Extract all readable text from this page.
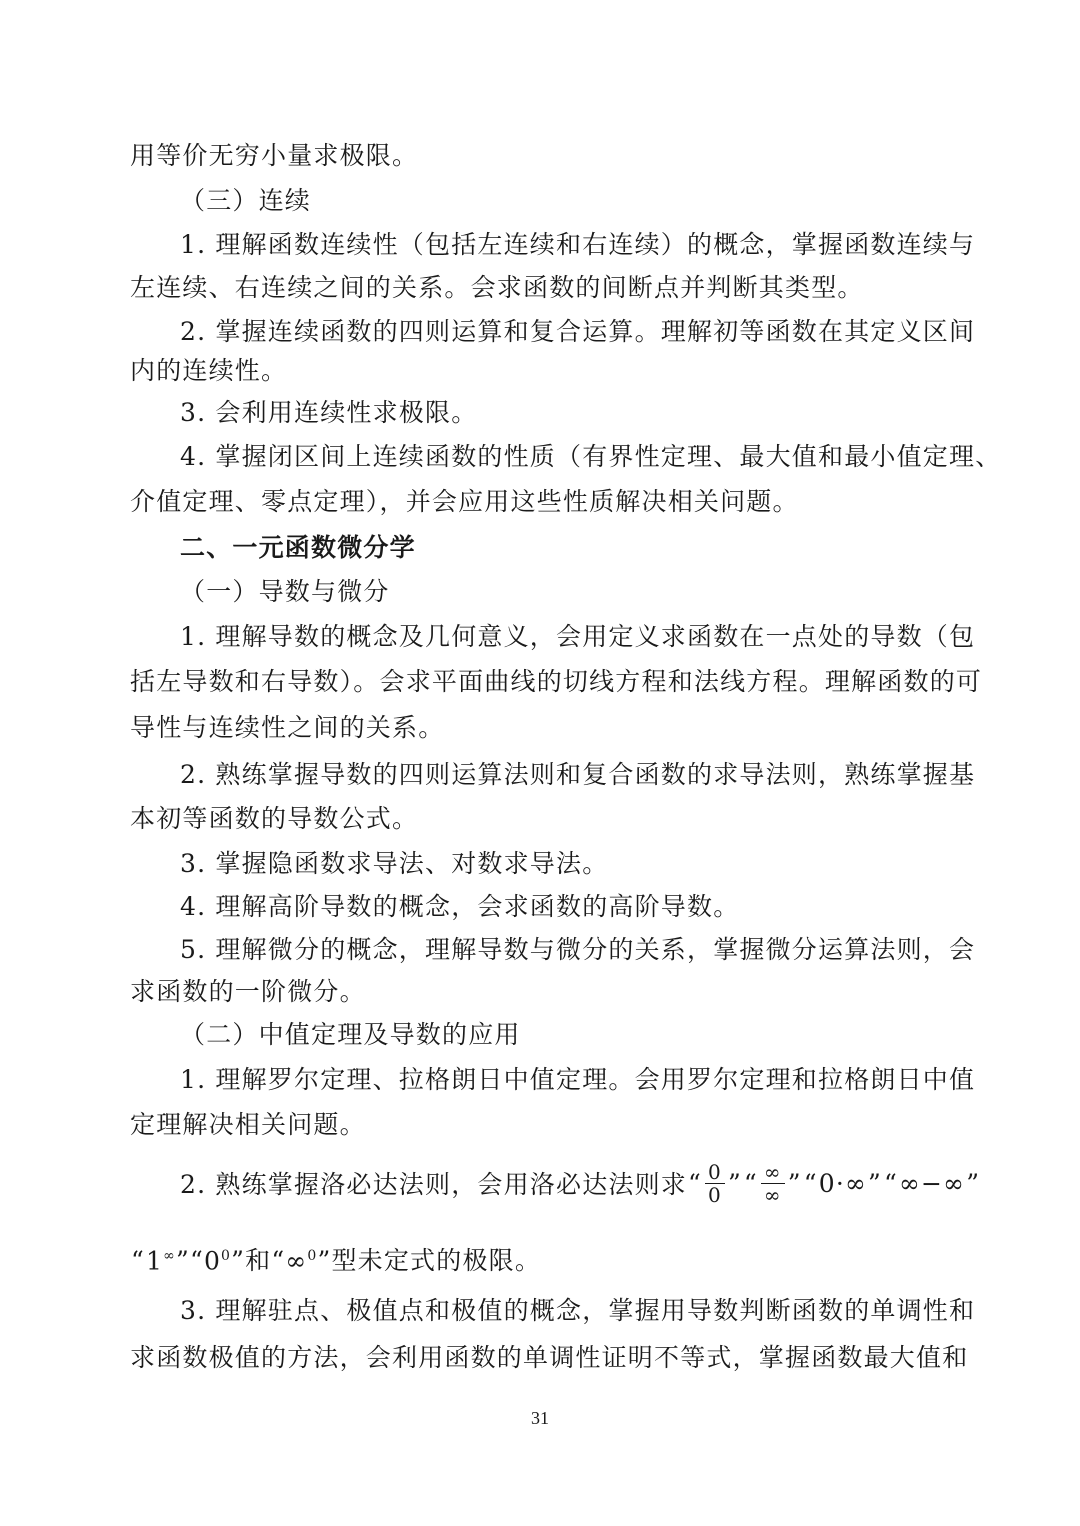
用等价无穷小量求极限。
（三）连续
1. 理解函数连续性（包括左连续和右连续）的概念，掌握函数连续与
左连续、右连续之间的关系。会求函数的间断点并判断其类型。
2. 掌握连续函数的四则运算和复合运算。理解初等函数在其定义区间
内的连续性。
3. 会利用连续性求极限。
4. 掌握闭区间上连续函数的性质（有界性定理、最大值和最小值定理、
介值定理、零点定理），并会应用这些性质解决相关问题。
二、一元函数微分学
（一）导数与微分
1. 理解导数的概念及几何意义，会用定义求函数在一点处的导数（包
括左导数和右导数）。会求平面曲线的切线方程和法线方程。理解函数的可
导性与连续性之间的关系。
2. 熟练掌握导数的四则运算法则和复合函数的求导法则，熟练掌握基
本初等函数的导数公式。
3. 掌握隐函数求导法、对数求导法。
4. 理解高阶导数的概念，会求函数的高阶导数。
5. 理解微分的概念，理解导数与微分的关系，掌握微分运算法则，会
求函数的一阶微分。
（二）中值定理及导数的应用
1. 理解罗尔定理、拉格朗日中值定理。会用罗尔定理和拉格朗日中值
定理解决相关问题。
2. 熟练掌握洛必达法则，会用洛必达法则求 “ $\frac{0}{0}$ ” “ $\frac{\infty}{\infty}$ ” “ 0·∞ ” “ ∞−∞ ”
“ 1∞ ”“ $0^0$ ”和“ ∞$^0$ ”型未定式的极限。
3. 理解驻点、极值点和极值的概念，掌握用导数判断函数的单调性和
求函数极值的方法，会利用函数的单调性证明不等式，掌握函数最大值和
31
